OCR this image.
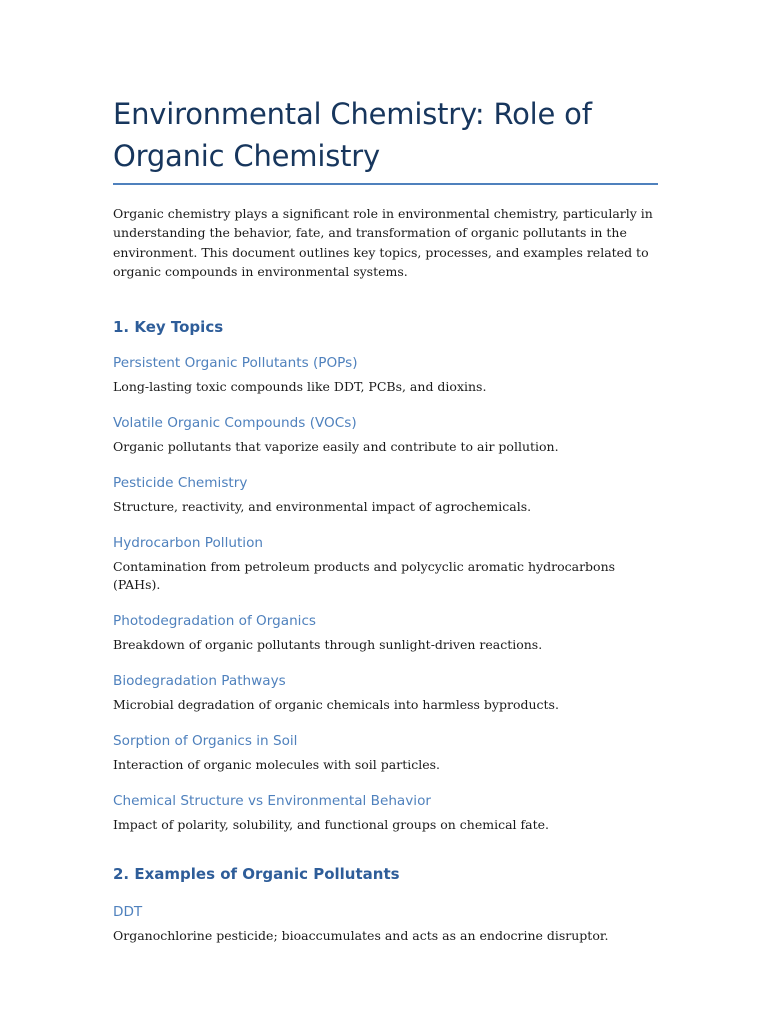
Environmental Chemistry: Role of Organic Chemistry

Organic chemistry plays a significant role in environmental chemistry, particularly in understanding the behavior, fate, and transformation of organic pollutants in the environment. This document outlines key topics, processes, and examples related to organic compounds in environmental systems.

1. Key Topics
Persistent Organic Pollutants (POPs)

Long-lasting toxic compounds like DDT, PCBs, and dioxins.

Volatile Organic Compounds (VOCs)

Organic pollutants that vaporize easily and contribute to air pollution.

Pesticide Chemistry

Structure, reactivity, and environmental impact of agrochemicals.

Hydrocarbon Pollution

Contamination from petroleum products and polycyclic aromatic hydrocarbons (PAHs).

Photodegradation of Organics

Breakdown of organic pollutants through sunlight-driven reactions.

Biodegradation Pathways

Microbial degradation of organic chemicals into harmless byproducts.

Sorption of Organics in Soil

Interaction of organic molecules with soil particles.

Chemical Structure vs Environmental Behavior

Impact of polarity, solubility, and functional groups on chemical fate.

2. Examples of Organic Pollutants
DDT

Organochlorine pesticide; bioaccumulates and acts as an endocrine disruptor.
